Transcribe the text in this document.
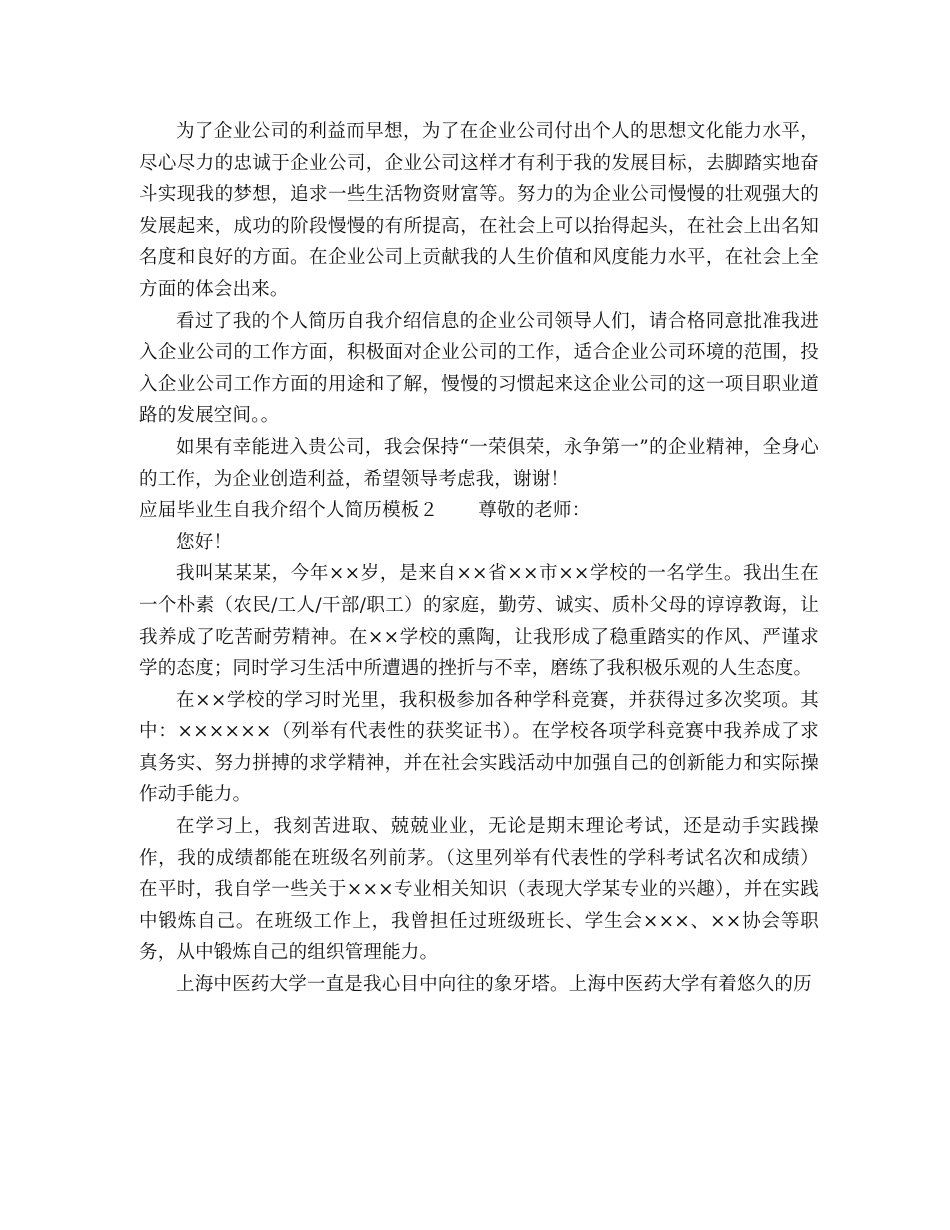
为了企业公司的利益而早想，为了在企业公司付出个人的思想文化能力水平，尽心尽力的忠诚于企业公司，企业公司这样才有利于我的发展目标，去脚踏实地奋斗实现我的梦想，追求一些生活物资财富等。努力的为企业公司慢慢的壮观强大的发展起来，成功的阶段慢慢的有所提高，在社会上可以抬得起头，在社会上出名知名度和良好的方面。在企业公司上贡献我的人生价值和风度能力水平，在社会上全方面的体会出来。

看过了我的个人简历自我介绍信息的企业公司领导人们，请合格同意批准我进入企业公司的工作方面，积极面对企业公司的工作，适合企业公司环境的范围，投入企业公司工作方面的用途和了解，慢慢的习惯起来这企业公司的这一项目职业道路的发展空间。。

如果有幸能进入贵公司，我会保持“一荣俱荣，永争第一”的企业精神，全身心的工作，为企业创造利益，希望领导考虑我，谢谢！

应届毕业生自我介绍个人简历模板２ 尊敬的老师：

您好！

我叫某某某，今年××岁，是来自××省××市××学校的一名学生。我出生在一个朴素（农民/工人/干部/职工）的家庭，勤劳、诚实、质朴父母的谆谆教诲，让我养成了吃苦耐劳精神。在××学校的熏陶，让我形成了稳重踏实的作风、严谨求学的态度；同时学习生活中所遭遇的挫折与不幸，磨练了我积极乐观的人生态度。

在××学校的学习时光里，我积极参加各种学科竞赛，并获得过多次奖项。其中：××××××（列举有代表性的获奖证书）。在学校各项学科竞赛中我养成了求真务实、努力拼搏的求学精神，并在社会实践活动中加强自己的创新能力和实际操作动手能力。

在学习上，我刻苦进取、兢兢业业，无论是期末理论考试，还是动手实践操作，我的成绩都能在班级名列前茅。（这里列举有代表性的学科考试名次和成绩）在平时，我自学一些关于×××专业相关知识（表现大学某专业的兴趣），并在实践中锻炼自己。在班级工作上，我曾担任过班级班长、学生会×××、××协会等职务，从中锻炼自己的组织管理能力。

上海中医药大学一直是我心目中向往的象牙塔。上海中医药大学有着悠久的历
